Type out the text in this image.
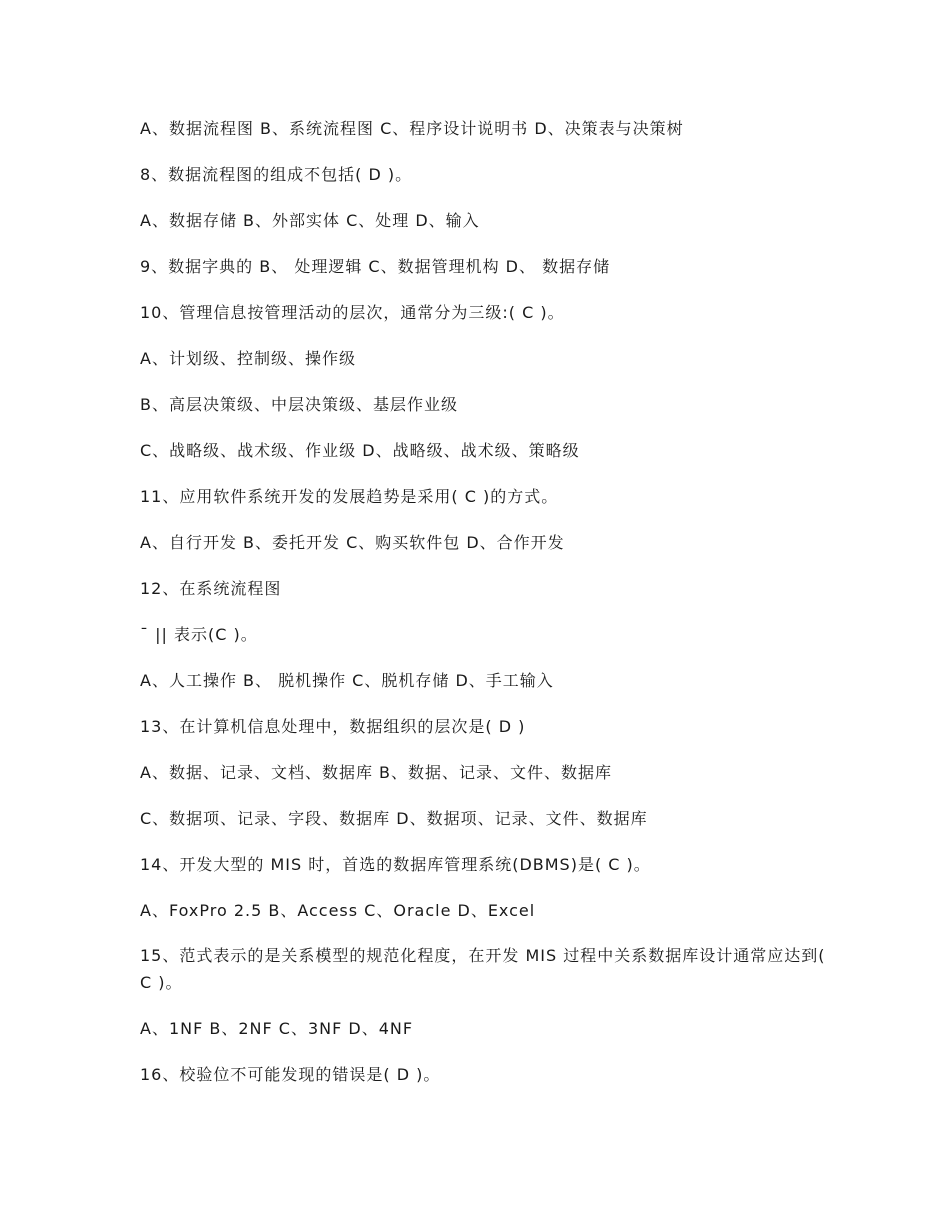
A、数据流程图 B、系统流程图 C、程序设计说明书 D、决策表与决策树
8、数据流程图的组成不包括( D )。
A、数据存储 B、外部实体 C、处理 D、输入
9、数据字典的 B、 处理逻辑 C、数据管理机构 D、 数据存储
10、管理信息按管理活动的层次，通常分为三级:( C )。
A、计划级、控制级、操作级
B、高层决策级、中层决策级、基层作业级
C、战略级、战术级、作业级 D、战略级、战术级、策略级
11、应用软件系统开发的发展趋势是采用( C )的方式。
A、自行开发 B、委托开发 C、购买软件包 D、合作开发
12、在系统流程图
¯ || 表示(C )。
A、人工操作 B、 脱机操作 C、脱机存储 D、手工输入
13、在计算机信息处理中，数据组织的层次是( D )
A、数据、记录、文档、数据库 B、数据、记录、文件、数据库
C、数据项、记录、字段、数据库 D、数据项、记录、文件、数据库
14、开发大型的 MIS 时，首选的数据库管理系统(DBMS)是( C )。
A、FoxPro 2.5 B、Access C、Oracle D、Excel
15、范式表示的是关系模型的规范化程度，在开发 MIS 过程中关系数据库设计通常应达到( C )。
A、1NF B、2NF C、3NF D、4NF
16、校验位不可能发现的错误是( D )。
